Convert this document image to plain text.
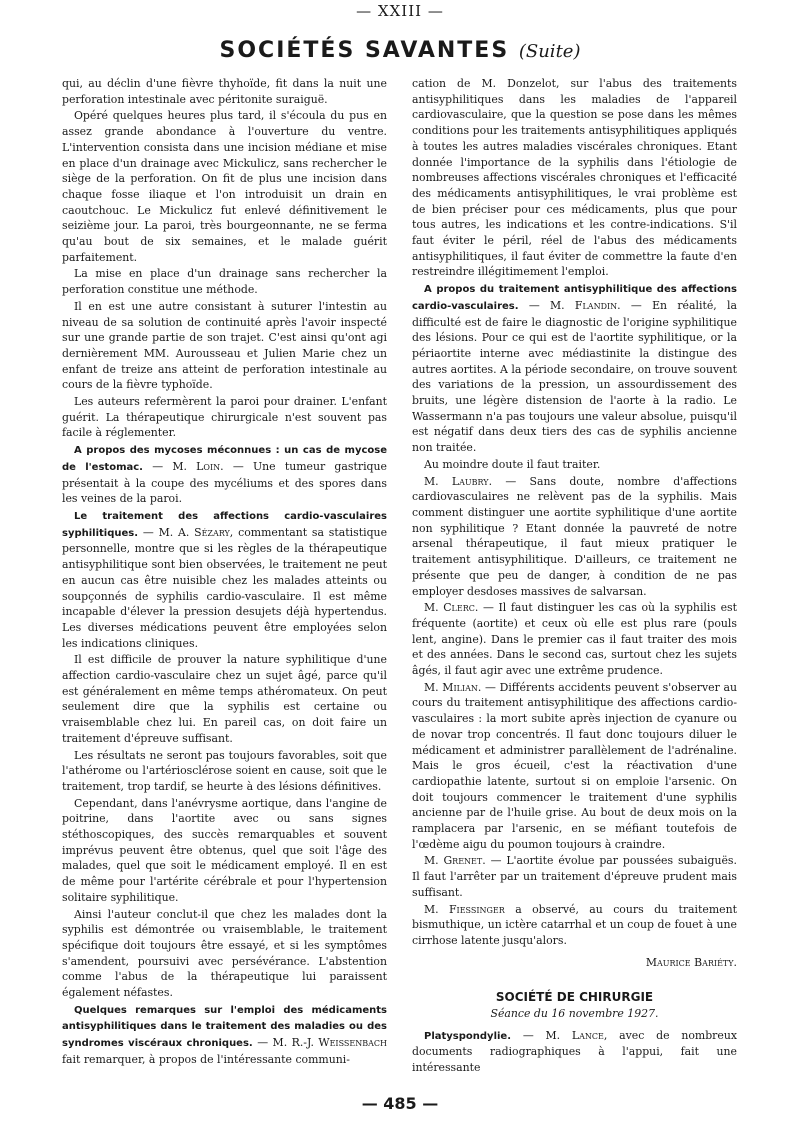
— XXIII —
SOCIÉTÉS SAVANTES (Suite)

qui, au déclin d'une fièvre thyhoïde, fit dans la nuit une perforation intestinale avec péritonite suraiguë.

Opéré quelques heures plus tard, il s'écoula du pus en assez grande abondance à l'ouverture du ventre. L'intervention consista dans une incision médiane et mise en place d'un drainage avec Mickulicz, sans rechercher le siège de la perforation. On fit de plus une incision dans chaque fosse iliaque et l'on introduisit un drain en caoutchouc. Le Mickulicz fut enlevé définitivement le seizième jour. La paroi, très bourgeonnante, ne se ferma qu'au bout de six semaines, et le malade guérit parfaitement.

La mise en place d'un drainage sans rechercher la perforation constitue une méthode.

Il en est une autre consistant à suturer l'intestin au niveau de sa solution de continuité après l'avoir inspecté sur une grande partie de son trajet. C'est ainsi qu'ont agi dernièrement MM. Aurousseau et Julien Marie chez un enfant de treize ans atteint de perforation intestinale au cours de la fièvre typhoïde.

Les auteurs refermèrent la paroi pour drainer. L'enfant guérit. La thérapeutique chirurgicale n'est souvent pas facile à réglementer.

A propos des mycoses méconnues : un cas de mycose de l'estomac. — M. Loin. — Une tumeur gastrique présentait à la coupe des mycéliums et des spores dans les veines de la paroi.

Le traitement des affections cardio-vasculaires syphilitiques. — M. A. Sézary, commentant sa statistique personnelle, montre que si les règles de la thérapeutique antisyphilitique sont bien observées, le traitement ne peut en aucun cas être nuisible chez les malades atteints ou soupçonnés de syphilis cardio-vasculaire. Il est même incapable d'élever la pression desujets déjà hypertendus. Les diverses médications peuvent être employées selon les indications cliniques.

Il est difficile de prouver la nature syphilitique d'une affection cardio-vasculaire chez un sujet âgé, parce qu'il est généralement en même temps athéromateux. On peut seulement dire que la syphilis est certaine ou vraisemblable chez lui. En pareil cas, on doit faire un traitement d'épreuve suffisant.

Les résultats ne seront pas toujours favorables, soit que l'athérome ou l'artériosclérose soient en cause, soit que le traitement, trop tardif, se heurte à des lésions définitives.

Cependant, dans l'anévrysme aortique, dans l'angine de poitrine, dans l'aortite avec ou sans signes stéthoscopiques, des succès remarquables et souvent imprévus peuvent être obtenus, quel que soit l'âge des malades, quel que soit le médicament employé. Il en est de même pour l'artérite cérébrale et pour l'hypertension solitaire syphilitique.

Ainsi l'auteur conclut-il que chez les malades dont la syphilis est démontrée ou vraisemblable, le traitement spécifique doit toujours être essayé, et si les symptômes s'amendent, poursuivi avec persévérance. L'abstention comme l'abus de la thérapeutique lui paraissent également néfastes.

Quelques remarques sur l'emploi des médicaments antisyphilitiques dans le traitement des maladies ou des syndromes viscéraux chroniques. — M. R.-J. Weissenbach fait remarquer, à propos de l'intéressante communi-

cation de M. Donzelot, sur l'abus des traitements antisyphilitiques dans les maladies de l'appareil cardiovasculaire, que la question se pose dans les mêmes conditions pour les traitements antisyphilitiques appliqués à toutes les autres maladies viscérales chroniques. Etant donnée l'importance de la syphilis dans l'étiologie de nombreuses affections viscérales chroniques et l'efficacité des médicaments antisyphilitiques, le vrai problème est de bien préciser pour ces médicaments, plus que pour tous autres, les indications et les contre-indications. S'il faut éviter le péril, réel de l'abus des médicaments antisyphilitiques, il faut éviter de commettre la faute d'en restreindre illégitimement l'emploi.

A propos du traitement antisyphilitique des affections cardio-vasculaires. — M. Flandin. — En réalité, la difficulté est de faire le diagnostic de l'origine syphilitique des lésions. Pour ce qui est de l'aortite syphilitique, or la périaortite interne avec médiastinite la distingue des autres aortites. A la période secondaire, on trouve souvent des variations de la pression, un assourdissement des bruits, une légère distension de l'aorte à la radio. Le Wassermann n'a pas toujours une valeur absolue, puisqu'il est négatif dans deux tiers des cas de syphilis ancienne non traitée.

Au moindre doute il faut traiter.

M. Laubry. — Sans doute, nombre d'affections cardiovasculaires ne relèvent pas de la syphilis. Mais comment distinguer une aortite syphilitique d'une aortite non syphilitique ? Etant donnée la pauvreté de notre arsenal thérapeutique, il faut mieux pratiquer le traitement antisyphilitique. D'ailleurs, ce traitement ne présente que peu de danger, à condition de ne pas employer desdoses massives de salvarsan.

M. Clerc. — Il faut distinguer les cas où la syphilis est fréquente (aortite) et ceux où elle est plus rare (pouls lent, angine). Dans le premier cas il faut traiter des mois et des années. Dans le second cas, surtout chez les sujets âgés, il faut agir avec une extrême prudence.

M. Milian. — Différents accidents peuvent s'observer au cours du traitement antisyphilitique des affections cardio-vasculaires : la mort subite après injection de cyanure ou de novar trop concentrés. Il faut donc toujours diluer le médicament et administrer parallèlement de l'adrénaline. Mais le gros écueil, c'est la réactivation d'une cardiopathie latente, surtout si on emploie l'arsenic. On doit toujours commencer le traitement d'une syphilis ancienne par de l'huile grise. Au bout de deux mois on la ramplacera par l'arsenic, en se méfiant toutefois de l'œdème aigu du poumon toujours à craindre.

M. Grenet. — L'aortite évolue par poussées subaiguës. Il faut l'arrêter par un traitement d'épreuve prudent mais suffisant.

M. Fiessinger a observé, au cours du traitement bismuthique, un ictère catarrhal et un coup de fouet à une cirrhose latente jusqu'alors.

Maurice Bariéty.
SOCIÉTÉ DE CHIRURGIE
Séance du 16 novembre 1927.

Platyspondylie. — M. Lance, avec de nombreux documents radiographiques à l'appui, fait une intéressante

— 485 —
